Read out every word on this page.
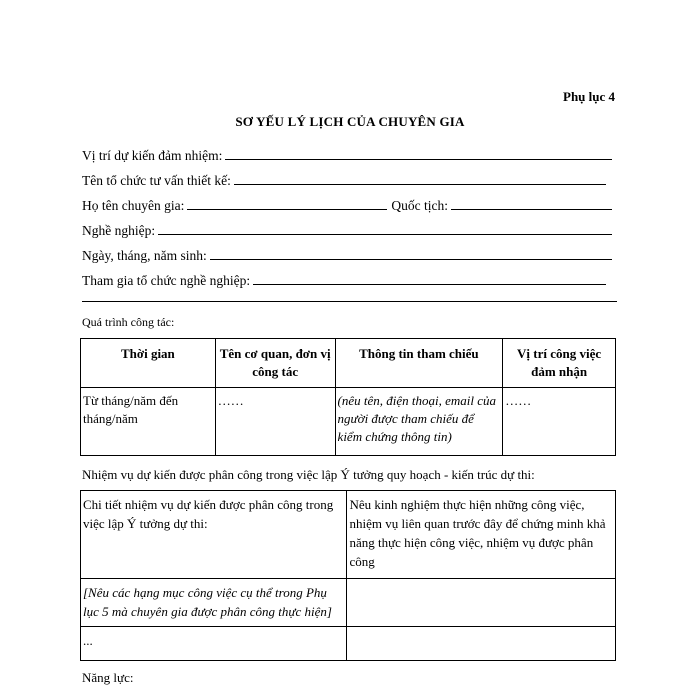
Phụ lục 4
SƠ YẾU LÝ LỊCH CỦA CHUYÊN GIA
Vị trí dự kiến đảm nhiệm:
Tên tổ chức tư vấn thiết kế:
Họ tên chuyên gia:	Quốc tịch:
Nghề nghiệp:
Ngày, tháng, năm sinh:
Tham gia tổ chức nghề nghiệp:
Quá trình công tác:
Thời gian	Tên cơ quan, đơn vị công tác	Thông tin tham chiếu	Vị trí công việc đảm nhận
Từ tháng/năm đến tháng/năm	……	(nêu tên, điện thoại, email của người được tham chiếu để kiểm chứng thông tin)	……
Nhiệm vụ dự kiến được phân công trong việc lập Ý tưởng quy hoạch - kiến trúc dự thi:
Chi tiết nhiệm vụ dự kiến được phân công trong việc lập Ý tưởng dự thi:	Nêu kinh nghiệm thực hiện những công việc, nhiệm vụ liên quan trước đây để chứng minh khả năng thực hiện công việc, nhiệm vụ được phân công
[Nêu các hạng mục công việc cụ thể trong Phụ lục 5 mà chuyên gia được phân công thực hiện]	
...	
Năng lực:
